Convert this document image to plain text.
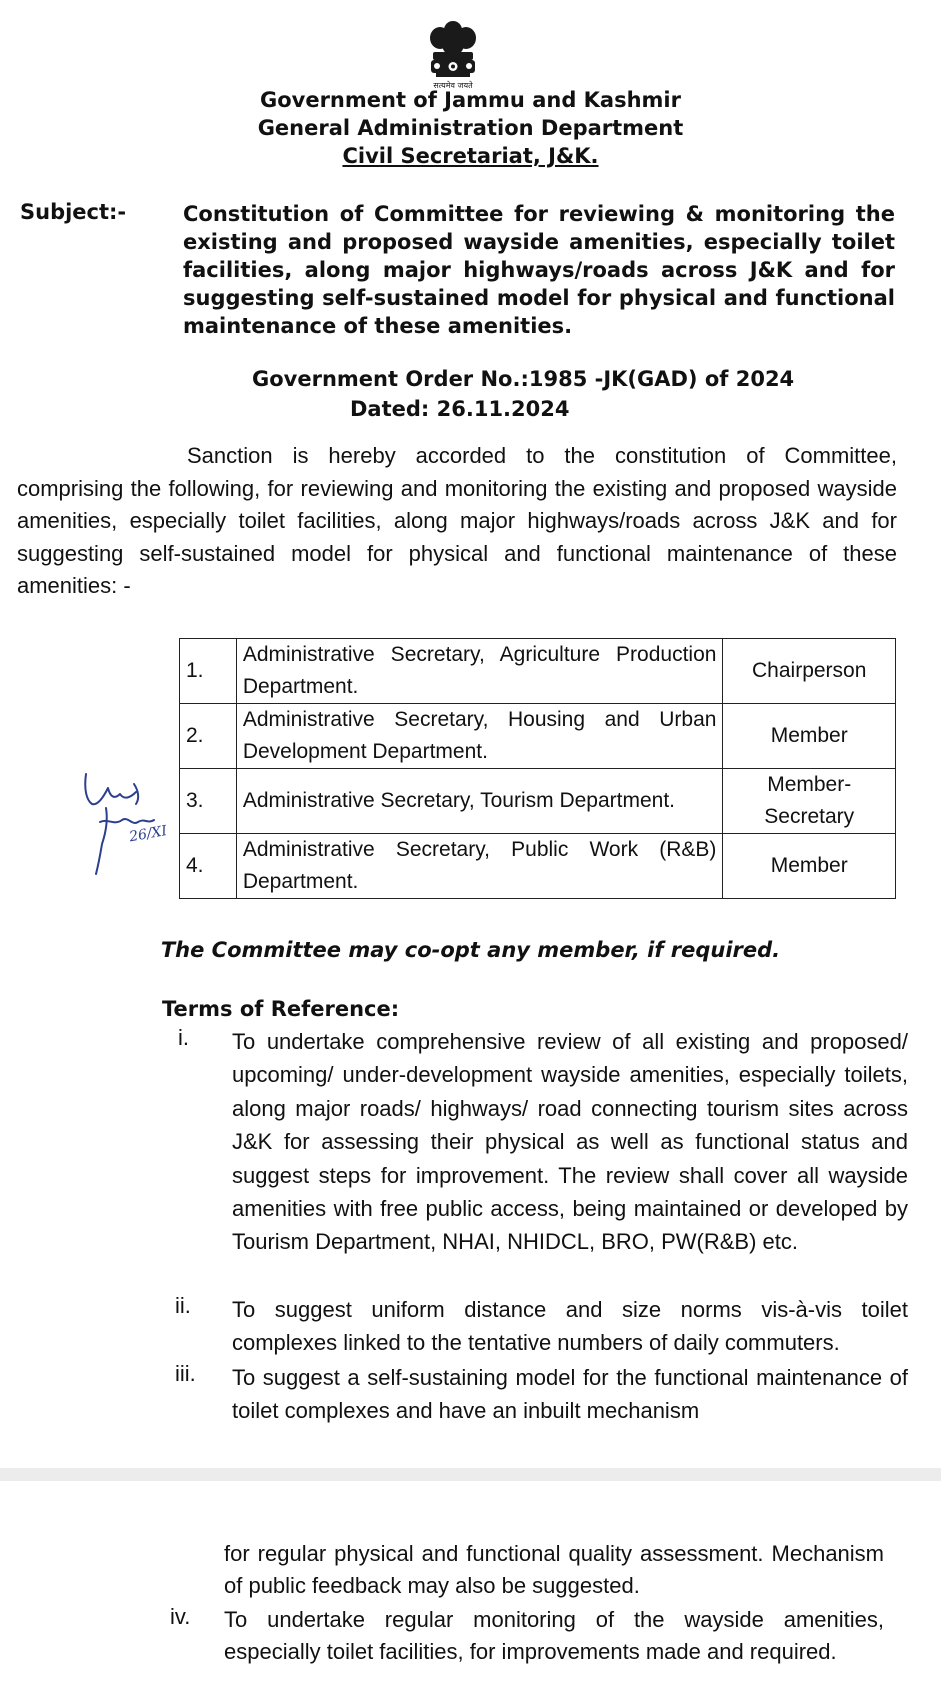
सत्यमेव जयते
Government of Jammu and Kashmir
General Administration Department
Civil Secretariat, J&K.
Subject:-	Constitution of Committee for reviewing & monitoring the existing and proposed wayside amenities, especially toilet facilities, along major highways/roads across J&K and for suggesting self-sustained model for physical and functional maintenance of these amenities.

Government Order No.:1985 -JK(GAD) of 2024
Dated: 26.11.2024

Sanction is hereby accorded to the constitution of Committee, comprising the following, for reviewing and monitoring the existing and proposed wayside amenities, especially toilet facilities, along major highways/roads across J&K and for suggesting self-sustained model for physical and functional maintenance of these amenities: -

1.	Administrative Secretary, Agriculture Production Department.	Chairperson
2.	Administrative Secretary, Housing and Urban Development Department.	Member
3.	Administrative Secretary, Tourism Department.	Member-Secretary
4.	Administrative Secretary, Public Work (R&B) Department.	Member
26/XI
The Committee may co-opt any member, if required.
Terms of Reference:
i. To undertake comprehensive review of all existing and proposed/ upcoming/ under-development wayside amenities, especially toilets, along major roads/ highways/ road connecting tourism sites across J&K for assessing their physical as well as functional status and suggest steps for improvement. The review shall cover all wayside amenities with free public access, being maintained or developed by Tourism Department, NHAI, NHIDCL, BRO, PW(R&B) etc.

ii. To suggest uniform distance and size norms vis-à-vis toilet complexes linked to the tentative numbers of daily commuters.

iii. To suggest a self-sustaining model for the functional maintenance of toilet complexes and have an inbuilt mechanism

for regular physical and functional quality assessment. Mechanism of public feedback may also be suggested.

iv. To undertake regular monitoring of the wayside amenities, especially toilet facilities, for improvements made and required.
